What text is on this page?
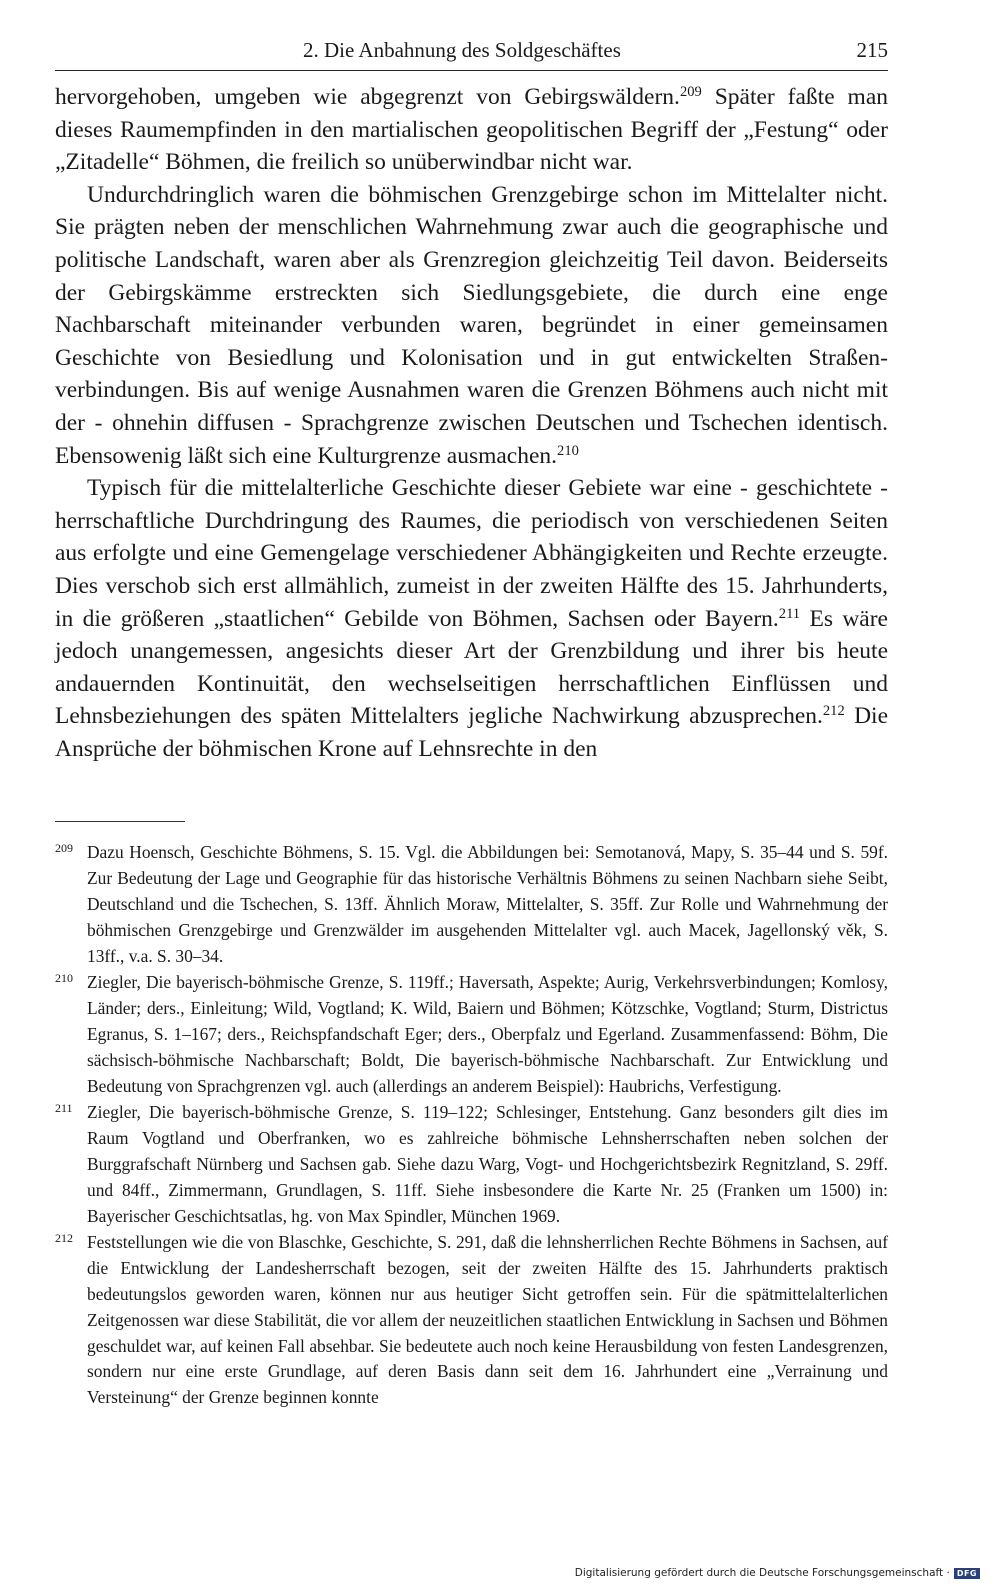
2. Die Anbahnung des Soldgeschäftes	215

hervorgehoben, umgeben wie abgegrenzt von Gebirgswäldern.$^{209}$ Später faßte man dieses Raumempfinden in den martialischen geopolitischen Begriff der „Festung“ oder „Zitadelle“ Böhmen, die freilich so unüberwindbar nicht war.

Undurchdringlich waren die böhmischen Grenzgebirge schon im Mittelalter nicht. Sie prägten neben der menschlichen Wahrnehmung zwar auch die geographische und politische Landschaft, waren aber als Grenzregion gleichzeitig Teil davon. Beiderseits der Gebirgskämme erstreckten sich Siedlungsgebiete, die durch eine enge Nachbarschaft miteinander verbunden waren, begründet in einer gemeinsamen Geschichte von Besiedlung und Kolonisation und in gut entwickelten Straßenverbindungen. Bis auf wenige Ausnahmen waren die Grenzen Böhmens auch nicht mit der - ohnehin diffusen - Sprachgrenze zwischen Deutschen und Tschechen identisch. Ebensowenig läßt sich eine Kulturgrenze ausmachen.$^{210}$

Typisch für die mittelalterliche Geschichte dieser Gebiete war eine - geschichtete - herrschaftliche Durchdringung des Raumes, die periodisch von verschiedenen Seiten aus erfolgte und eine Gemengelage verschiedener Abhängigkeiten und Rechte erzeugte. Dies verschob sich erst allmählich, zumeist in der zweiten Hälfte des 15. Jahrhunderts, in die größeren „staatlichen“ Gebilde von Böhmen, Sachsen oder Bayern.$^{211}$ Es wäre jedoch unangemessen, angesichts dieser Art der Grenzbildung und ihrer bis heute andauernden Kontinuität, den wechselseitigen herrschaftlichen Einflüssen und Lehnsbeziehungen des späten Mittelalters jegliche Nachwirkung abzusprechen.$^{212}$ Die Ansprüche der böhmischen Krone auf Lehnsrechte in den

209 Dazu Hoensch, Geschichte Böhmens, S. 15. Vgl. die Abbildungen bei: Semotanová, Mapy, S. 35–44 und S. 59f. Zur Bedeutung der Lage und Geographie für das historische Verhältnis Böhmens zu seinen Nachbarn siehe Seibt, Deutschland und die Tschechen, S. 13ff. Ähnlich Moraw, Mittelalter, S. 35ff. Zur Rolle und Wahrnehmung der böhmischen Grenzgebirge und Grenzwälder im ausgehenden Mittelalter vgl. auch Macek, Jagellonský věk, S. 13ff., v.a. S. 30–34.
210 Ziegler, Die bayerisch-böhmische Grenze, S. 119ff.; Haversath, Aspekte; Aurig, Verkehrsverbindungen; Komlosy, Länder; ders., Einleitung; Wild, Vogtland; K. Wild, Baiern und Böhmen; Kötzschke, Vogtland; Sturm, Districtus Egranus, S. 1–167; ders., Reichspfandschaft Eger; ders., Oberpfalz und Egerland. Zusammenfassend: Böhm, Die sächsisch-böhmische Nachbarschaft; Boldt, Die bayerisch-böhmische Nachbarschaft. Zur Entwicklung und Bedeutung von Sprachgrenzen vgl. auch (allerdings an anderem Beispiel): Haubrichs, Verfestigung.
211 Ziegler, Die bayerisch-böhmische Grenze, S. 119–122; Schlesinger, Entstehung. Ganz besonders gilt dies im Raum Vogtland und Oberfranken, wo es zahlreiche böhmische Lehnsherrschaften neben solchen der Burggrafschaft Nürnberg und Sachsen gab. Siehe dazu Warg, Vogt- und Hochgerichtsbezirk Regnitzland, S. 29ff. und 84ff., Zimmermann, Grundlagen, S. 11ff. Siehe insbesondere die Karte Nr. 25 (Franken um 1500) in: Bayerischer Geschichtsatlas, hg. von Max Spindler, München 1969.
212 Feststellungen wie die von Blaschke, Geschichte, S. 291, daß die lehnsherrlichen Rechte Böhmens in Sachsen, auf die Entwicklung der Landesherrschaft bezogen, seit der zweiten Hälfte des 15. Jahrhunderts praktisch bedeutungslos geworden waren, können nur aus heutiger Sicht getroffen sein. Für die spätmittelalterlichen Zeitgenossen war diese Stabilität, die vor allem der neuzeitlichen staatlichen Entwicklung in Sachsen und Böhmen geschuldet war, auf keinen Fall absehbar. Sie bedeutete auch noch keine Herausbildung von festen Landesgrenzen, sondern nur eine erste Grundlage, auf deren Basis dann seit dem 16. Jahrhundert eine „Verrainung und Versteinung“ der Grenze beginnen konnte
Digitalisierung gefördert durch die Deutsche Forschungsgemeinschaft · DFG
